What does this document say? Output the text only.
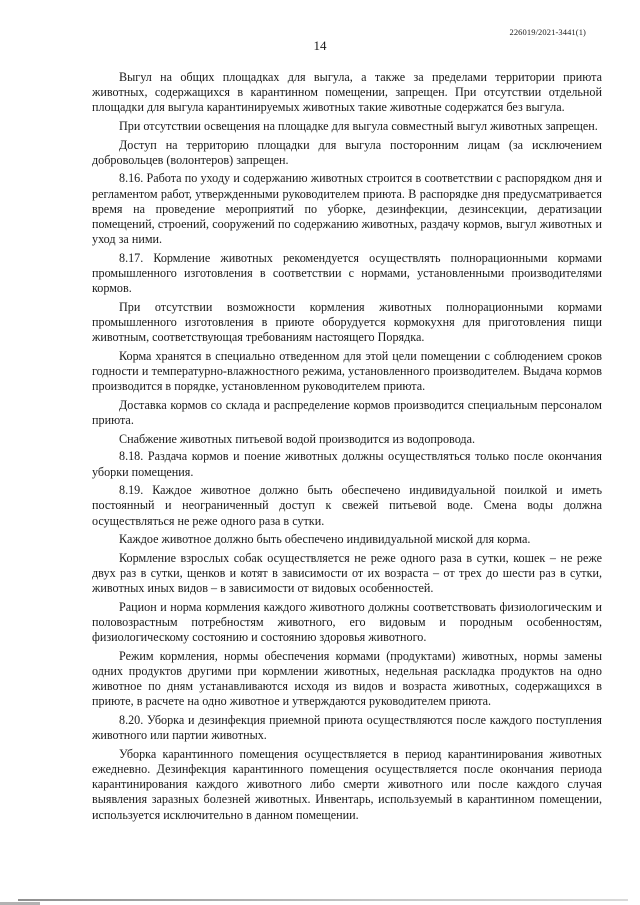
226019/2021-3441(1)
14

Выгул на общих площадках для выгула, а также за пределами территории приюта животных, содержащихся в карантинном помещении, запрещен. При отсутствии отдельной площадки для выгула карантинируемых животных такие животные содержатся без выгула.

При отсутствии освещения на площадке для выгула совместный выгул животных запрещен.

Доступ на территорию площадки для выгула посторонним лицам (за исключением добровольцев (волонтеров) запрещен.

8.16. Работа по уходу и содержанию животных строится в соответствии с распорядком дня и регламентом работ, утвержденными руководителем приюта. В распорядке дня предусматривается время на проведение мероприятий по уборке, дезинфекции, дезинсекции, дератизации помещений, строений, сооружений по содержанию животных, раздачу кормов, выгул животных и уход за ними.

8.17. Кормление животных рекомендуется осуществлять полнорационными кормами промышленного изготовления в соответствии с нормами, установленными производителями кормов.

При отсутствии возможности кормления животных полнорационными кормами промышленного изготовления в приюте оборудуется кормокухня для приготовления пищи животным, соответствующая требованиям настоящего Порядка.

Корма хранятся в специально отведенном для этой цели помещении с соблюдением сроков годности и температурно-влажностного режима, установленного производителем. Выдача кормов производится в порядке, установленном руководителем приюта.

Доставка кормов со склада и распределение кормов производится специальным персоналом приюта.

Снабжение животных питьевой водой производится из водопровода.

8.18. Раздача кормов и поение животных должны осуществляться только после окончания уборки помещения.

8.19. Каждое животное должно быть обеспечено индивидуальной поилкой и иметь постоянный и неограниченный доступ к свежей питьевой воде. Смена воды должна осуществляться не реже одного раза в сутки.

Каждое животное должно быть обеспечено индивидуальной миской для корма.

Кормление взрослых собак осуществляется не реже одного раза в сутки, кошек – не реже двух раз в сутки, щенков и котят в зависимости от их возраста – от трех до шести раз в сутки, животных иных видов – в зависимости от видовых особенностей.

Рацион и норма кормления каждого животного должны соответствовать физиологическим и половозрастным потребностям животного, его видовым и породным особенностям, физиологическому состоянию и состоянию здоровья животного.

Режим кормления, нормы обеспечения кормами (продуктами) животных, нормы замены одних продуктов другими при кормлении животных, недельная раскладка продуктов на одно животное по дням устанавливаются исходя из видов и возраста животных, содержащихся в приюте, в расчете на одно животное и утверждаются руководителем приюта.

8.20. Уборка и дезинфекция приемной приюта осуществляются после каждого поступления животного или партии животных.

Уборка карантинного помещения осуществляется в период карантинирования животных ежедневно. Дезинфекция карантинного помещения осуществляется после окончания периода карантинирования каждого животного либо смерти животного или после каждого случая выявления заразных болезней животных. Инвентарь, используемый в карантинном помещении, используется исключительно в данном помещении.
